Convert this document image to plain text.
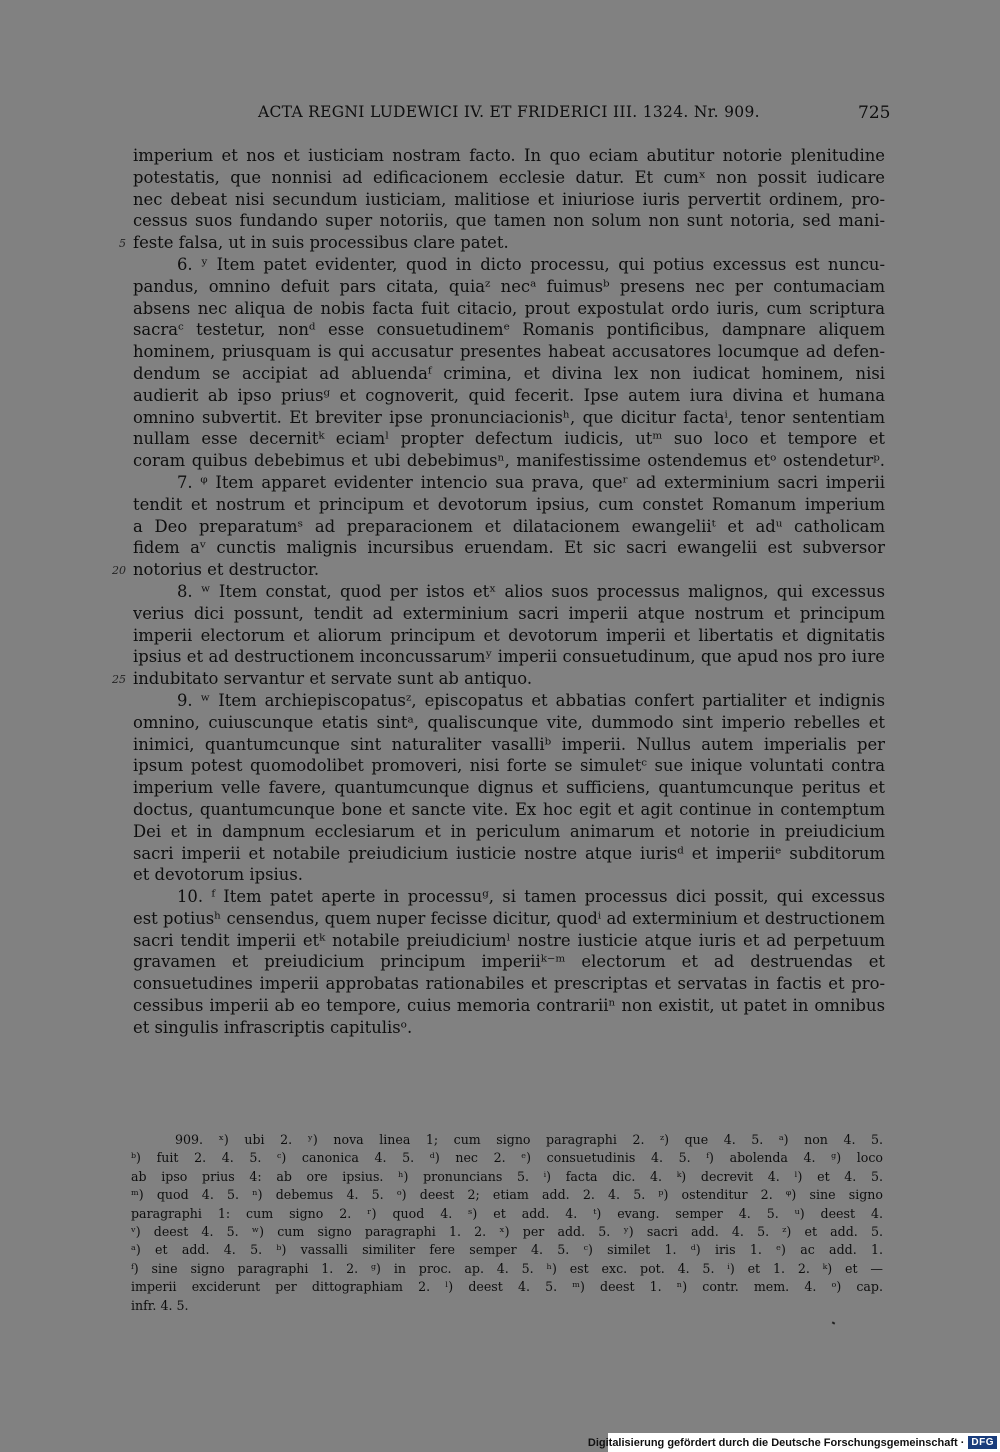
ACTA REGNI LUDEWICI IV. ET FRIDERICI III. 1324. Nr. 909.	725
imperium et nos et iusticiam nostram facto. In quo eciam abutitur notorie plenitudine
potestatis, que nonnisi ad edificacionem ecclesie datur. Et cumˣ non possit iudicare
nec debeat nisi secundum iusticiam, malitiose et iniuriose iuris pervertit ordinem, pro-
cessus suos fundando super notoriis, que tamen non solum non sunt notoria, sed mani-
feste falsa, ut in suis processibus clare patet.
5
6. ʸ Item patet evidenter, quod in dicto processu, qui potius excessus est nuncu-
pandus, omnino defuit pars citata, quiaᶻ necᵃ fuimusᵇ presens nec per contumaciam
absens nec aliqua de nobis facta fuit citacio, prout expostulat ordo iuris, cum scriptura
sacraᶜ testetur, nonᵈ esse consuetudinemᵉ Romanis pontificibus, dampnare aliquem
hominem, priusquam is qui accusatur presentes habeat accusatores locumque ad defen-
dendum se accipiat ad abluendaᶠ crimina, et divina lex non iudicat hominem, nisi
audierit ab ipso priusᵍ et cognoverit, quid fecerit. Ipse autem iura divina et humana
omnino subvertit. Et breviter ipse pronunciacionisʰ, que dicitur factaⁱ, tenor sententiam
nullam esse decernitᵏ eciamˡ propter defectum iudicis, utᵐ suo loco et tempore et
coram quibus debebimus et ubi debebimusⁿ, manifestissime ostendemus etᵒ ostendeturᵖ.
7. ᵠ Item apparet evidenter intencio sua prava, queʳ ad exterminium sacri imperii
tendit et nostrum et principum et devotorum ipsius, cum constet Romanum imperium
a Deo preparatumˢ ad preparacionem et dilatacionem ewangeliiᵗ et adᵘ catholicam
fidem aᵛ cunctis malignis incursibus eruendam. Et sic sacri ewangelii est subversor
notorius et destructor.
20
8. ʷ Item constat, quod per istos etˣ alios suos processus malignos, qui excessus
verius dici possunt, tendit ad exterminium sacri imperii atque nostrum et principum
imperii electorum et aliorum principum et devotorum imperii et libertatis et dignitatis
ipsius et ad destructionem inconcussarumʸ imperii consuetudinum, que apud nos pro iure
indubitato servantur et servate sunt ab antiquo.
25
9. ʷ Item archiepiscopatusᶻ, episcopatus et abbatias confert partialiter et indignis
omnino, cuiuscunque etatis sintᵃ, qualiscunque vite, dummodo sint imperio rebelles et
inimici, quantumcunque sint naturaliter vasalliᵇ imperii. Nullus autem imperialis per
ipsum potest quomodolibet promoveri, nisi forte se simuletᶜ sue inique voluntati contra
imperium velle favere, quantumcunque dignus et sufficiens, quantumcunque peritus et
doctus, quantumcunque bone et sancte vite. Ex hoc egit et agit continue in contemptum
Dei et in dampnum ecclesiarum et in periculum animarum et notorie in preiudicium
sacri imperii et notabile preiudicium iusticie nostre atque iurisᵈ et imperiiᵉ subditorum
et devotorum ipsius.
10. ᶠ Item patet aperte in processuᵍ, si tamen processus dici possit, qui excessus
est potiusʰ censendus, quem nuper fecisse dicitur, quodⁱ ad exterminium et destructionem
sacri tendit imperii etᵏ notabile preiudiciumˡ nostre iusticie atque iuris et ad perpetuum
gravamen et preiudicium principum imperiiᵏ⁻ᵐ electorum et ad destruendas et
consuetudines imperii approbatas rationabiles et prescriptas et servatas in factis et pro-
cessibus imperii ab eo tempore, cuius memoria contrariiⁿ non existit, ut patet in omnibus
et singulis infrascriptis capitulisᵒ.
909. ˣ) ubi 2. ʸ) nova linea 1; cum signo paragraphi 2. ᶻ) que 4. 5. ᵃ) non 4. 5.
ᵇ) fuit 2. 4. 5. ᶜ) canonica 4. 5. ᵈ) nec 2. ᵉ) consuetudinis 4. 5. ᶠ) abolenda 4. ᵍ) loco
ab ipso prius 4: ab ore ipsius. ʰ) pronuncians 5. ⁱ) facta dic. 4. ᵏ) decrevit 4. ˡ) et 4. 5.
ᵐ) quod 4. 5. ⁿ) debemus 4. 5. ᵒ) deest 2; etiam add. 2. 4. 5. ᵖ) ostenditur 2. ᵠ) sine signo
paragraphi 1: cum signo 2. ʳ) quod 4. ˢ) et add. 4. ᵗ) evang. semper 4. 5. ᵘ) deest 4.
ᵛ) deest 4. 5. ʷ) cum signo paragraphi 1. 2. ˣ) per add. 5. ʸ) sacri add. 4. 5. ᶻ) et add. 5.
ᵃ) et add. 4. 5. ᵇ) vassalli similiter fere semper 4. 5. ᶜ) similet 1. ᵈ) iris 1. ᵉ) ac add. 1.
ᶠ) sine signo paragraphi 1. 2. ᵍ) in proc. ap. 4. 5. ʰ) est exc. pot. 4. 5. ⁱ) et 1. 2. ᵏ) et —
imperii exciderunt per dittographiam 2. ˡ) deest 4. 5. ᵐ) deest 1. ⁿ) contr. mem. 4. ᵒ) cap.
infr. 4. 5.
Digitalisierung gefördert durch die Deutsche Forschungsgemeinschaft · DFG
